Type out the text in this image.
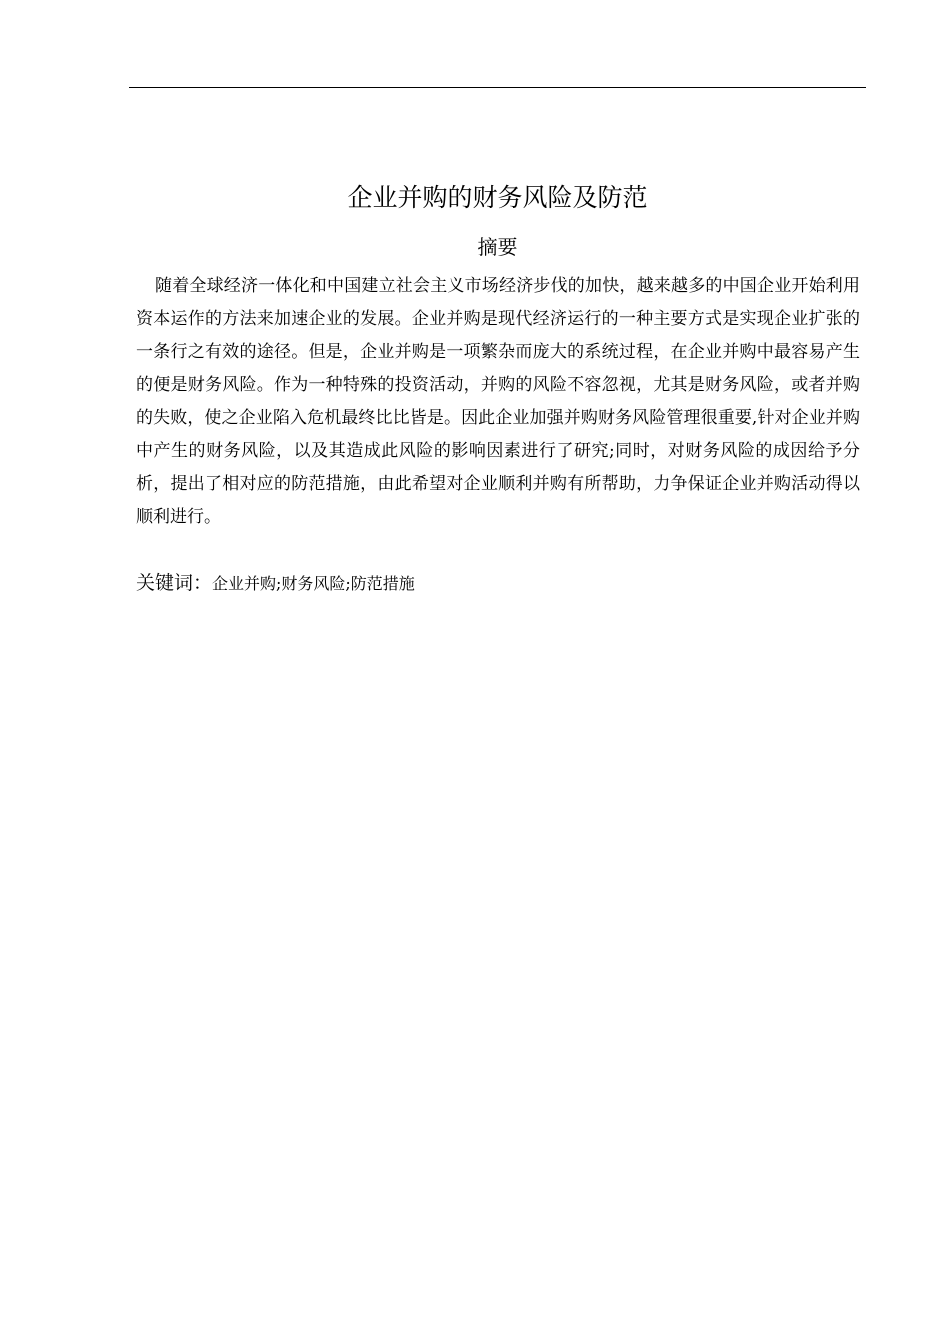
企业并购的财务风险及防范
摘要

随着全球经济一体化和中国建立社会主义市场经济步伐的加快，越来越多的中国企业开始利用资本运作的方法来加速企业的发展。企业并购是现代经济运行的一种主要方式是实现企业扩张的一条行之有效的途径。但是，企业并购是一项繁杂而庞大的系统过程，在企业并购中最容易产生的便是财务风险。作为一种特殊的投资活动，并购的风险不容忽视，尤其是财务风险，或者并购的失败，使之企业陷入危机最终比比皆是。因此企业加强并购财务风险管理很重要,针对企业并购中产生的财务风险，以及其造成此风险的影响因素进行了研究;同时，对财务风险的成因给予分析，提出了相对应的防范措施，由此希望对企业顺利并购有所帮助，力争保证企业并购活动得以顺利进行。

关键词：企业并购;财务风险;防范措施
